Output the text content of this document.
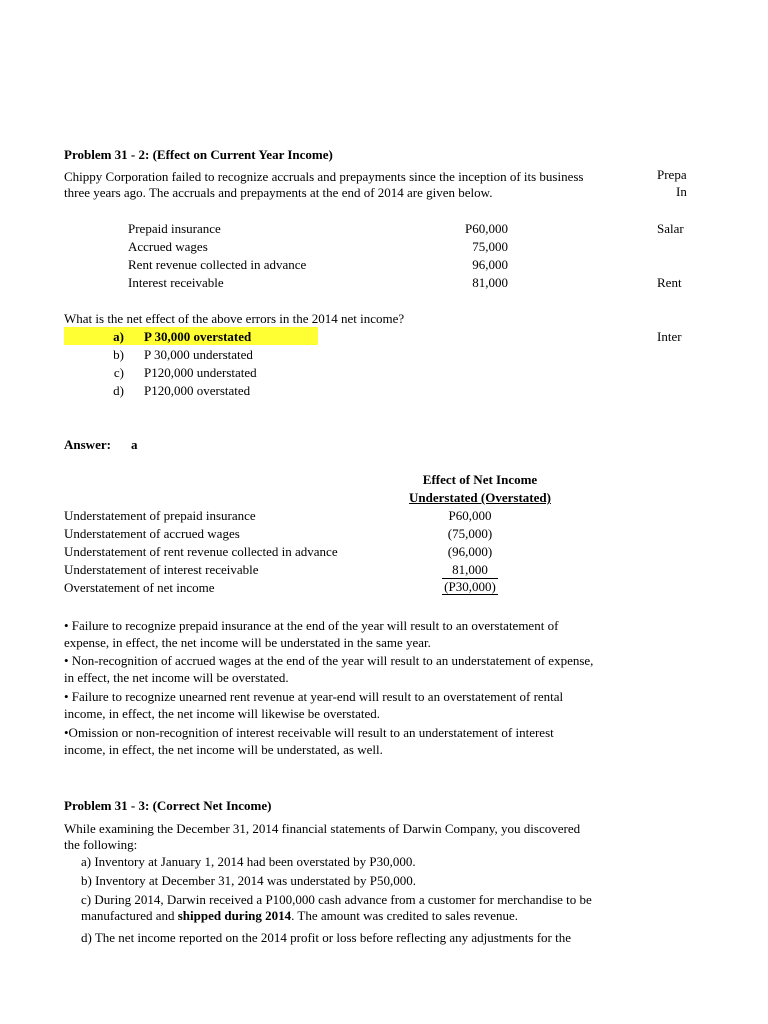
Problem 31 - 2: (Effect on Current Year Income)
Chippy Corporation failed to recognize accruals and prepayments since the inception of its business
three years ago. The accruals and prepayments at the end of 2014 are given below.
Prepaid insurance	P60,000
Accrued wages	75,000
Rent revenue collected in advance	96,000
Interest receivable	81,000
What is the net effect of the above errors in the 2014 net income?
a) P 30,000 overstated
b) P 30,000 understated
c) P120,000 understated
d) P120,000 overstated
Answer: a
Effect of Net Income
Understated (Overstated)
Understatement of prepaid insurance	P60,000
Understatement of accrued wages	(75,000)
Understatement of rent revenue collected in advance	(96,000)
Understatement of interest receivable	81,000
Overstatement of net income	(P30,000)
• Failure to recognize prepaid insurance at the end of the year will result to an overstatement of
expense, in effect, the net income will be understated in the same year.
• Non-recognition of accrued wages at the end of the year will result to an understatement of expense,
in effect, the net income will be overstated.
• Failure to recognize unearned rent revenue at year-end will result to an overstatement of rental
income, in effect, the net income will likewise be overstated.
•Omission or non-recognition of interest receivable will result to an understatement of interest
income, in effect, the net income will be understated, as well.
Prepa
In
Salar
Rent
Inter
Problem 31 - 3: (Correct Net Income)
While examining the December 31, 2014 financial statements of Darwin Company, you discovered
the following:
a) Inventory at January 1, 2014 had been overstated by P30,000.
b) Inventory at December 31, 2014 was understated by P50,000.
c) During 2014, Darwin received a P100,000 cash advance from a customer for merchandise to be
manufactured and shipped during 2014. The amount was credited to sales revenue.
d) The net income reported on the 2014 profit or loss before reflecting any adjustments for the
